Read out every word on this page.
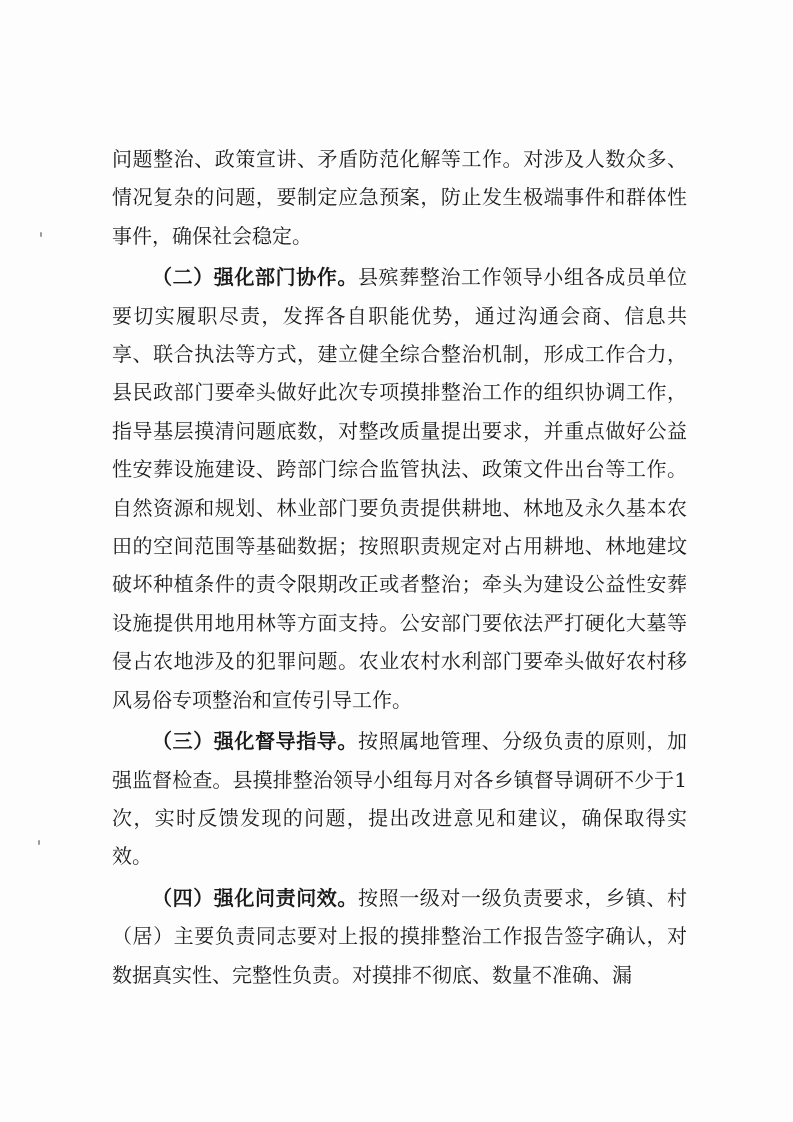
问题整治、政策宣讲、矛盾防范化解等工作。对涉及人数众多、情况复杂的问题，要制定应急预案，防止发生极端事件和群体性事件，确保社会稳定。

（二）强化部门协作。县殡葬整治工作领导小组各成员单位要切实履职尽责，发挥各自职能优势，通过沟通会商、信息共享、联合执法等方式，建立健全综合整治机制，形成工作合力，县民政部门要牵头做好此次专项摸排整治工作的组织协调工作，指导基层摸清问题底数，对整改质量提出要求，并重点做好公益性安葬设施建设、跨部门综合监管执法、政策文件出台等工作。自然资源和规划、林业部门要负责提供耕地、林地及永久基本农田的空间范围等基础数据；按照职责规定对占用耕地、林地建坟破坏种植条件的责令限期改正或者整治；牵头为建设公益性安葬设施提供用地用林等方面支持。公安部门要依法严打硬化大墓等侵占农地涉及的犯罪问题。农业农村水利部门要牵头做好农村移风易俗专项整治和宣传引导工作。

（三）强化督导指导。按照属地管理、分级负责的原则，加强监督检查。县摸排整治领导小组每月对各乡镇督导调研不少于1次，实时反馈发现的问题，提出改进意见和建议，确保取得实效。

（四）强化问责问效。按照一级对一级负责要求，乡镇、村（居）主要负责同志要对上报的摸排整治工作报告签字确认，对数据真实性、完整性负责。对摸排不彻底、数量不准确、漏
